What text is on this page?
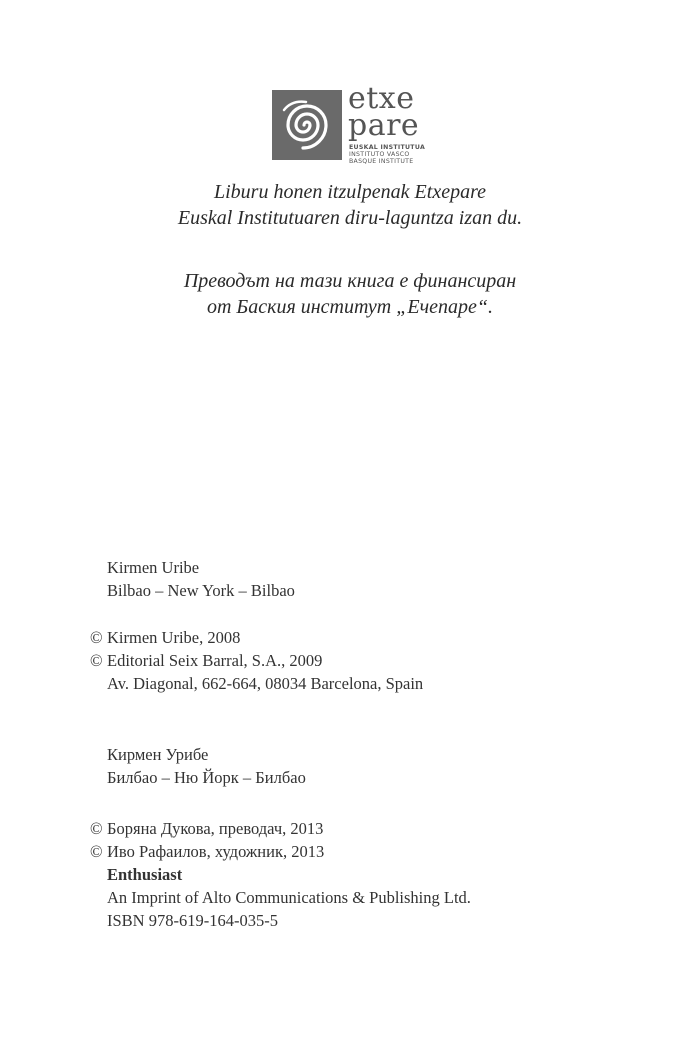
etxe
pare
EUSKAL INSTITUTUA
INSTITUTO VASCO
BASQUE INSTITUTE
Liburu honen itzulpenak Etxepare
Euskal Institutuaren diru-laguntza izan du.
Преводът на тази книга е финансиран
от Баския институт „Ечепаре“.
Kirmen Uribe
Bilbao – New York – Bilbao
© Kirmen Uribe, 2008
© Editorial Seix Barral, S.A., 2009
Av. Diagonal, 662-664, 08034 Barcelona, Spain
Кирмен Урибе
Билбао – Ню Йорк – Билбао
© Боряна Дукова, преводач, 2013
© Иво Рафаилов, художник, 2013
Enthusiast
An Imprint of Alto Communications & Publishing Ltd.
ISBN 978-619-164-035-5
